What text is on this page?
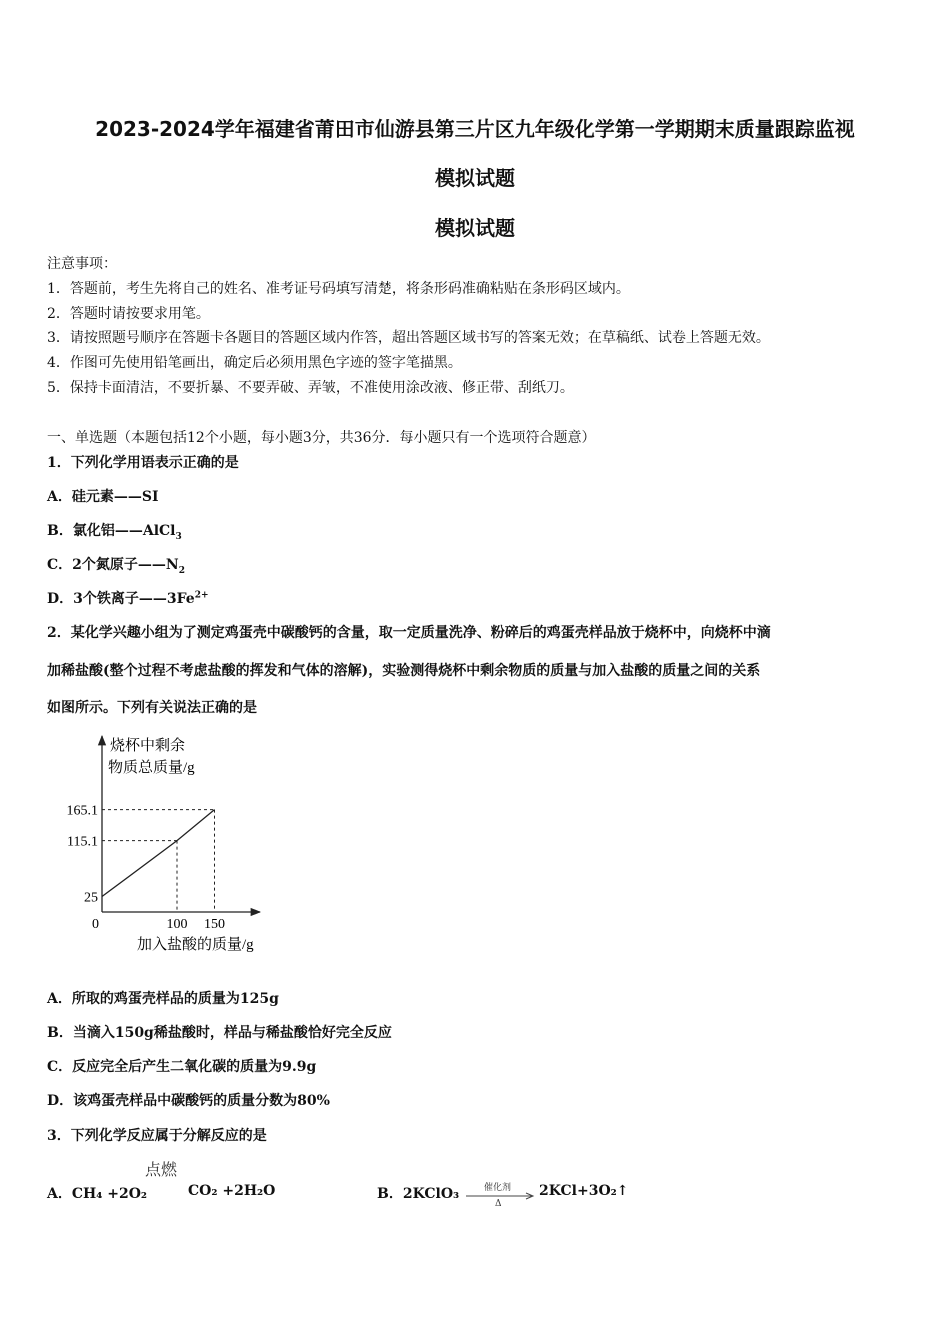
2023-2024学年福建省莆田市仙游县第三片区九年级化学第一学期期末质量跟踪监视
模拟试题
模拟试题
注意事项：
1．答题前，考生先将自己的姓名、准考证号码填写清楚，将条形码准确粘贴在条形码区域内。
2．答题时请按要求用笔。
3．请按照题号顺序在答题卡各题目的答题区域内作答，超出答题区域书写的答案无效；在草稿纸、试卷上答题无效。
4．作图可先使用铅笔画出，确定后必须用黑色字迹的签字笔描黑。
5．保持卡面清洁，不要折暴、不要弄破、弄皱，不准使用涂改液、修正带、刮纸刀。
一、单选题（本题包括12个小题，每小题3分，共36分．每小题只有一个选项符合题意）
1．下列化学用语表示正确的是
A．硅元素——SI
B．氯化铝——AlCl$_3$
C．2个氮原子$——N_2$
D．3个铁离子$——3Fe^{2+}$
2．某化学兴趣小组为了测定鸡蛋壳中碳酸钙的含量，取一定质量洗净、粉碎后的鸡蛋壳样品放于烧杯中，向烧杯中滴
加稀盐酸(整个过程不考虑盐酸的挥发和气体的溶解)，实验测得烧杯中剩余物质的质量与加入盐酸的质量之间的关系
如图所示。下列有关说法正确的是
烧杯中剩余
物质总质量/g
加入盐酸的质量/g
0
165.1
115.1
25
100 150
A．所取的鸡蛋壳样品的质量为125g
B．当滴入150g稀盐酸时，样品与稀盐酸恰好完全反应
C．反应完全后产生二氧化碳的质量为9.9g
D．该鸡蛋壳样品中碳酸钙的质量分数为80%
3．下列化学反应属于分解反应的是
点燃
A．CH₄ +2O₂	CO₂ +2H₂O	B．2KClO₃	催化剂
Δ
2KCl+3O₂↑
